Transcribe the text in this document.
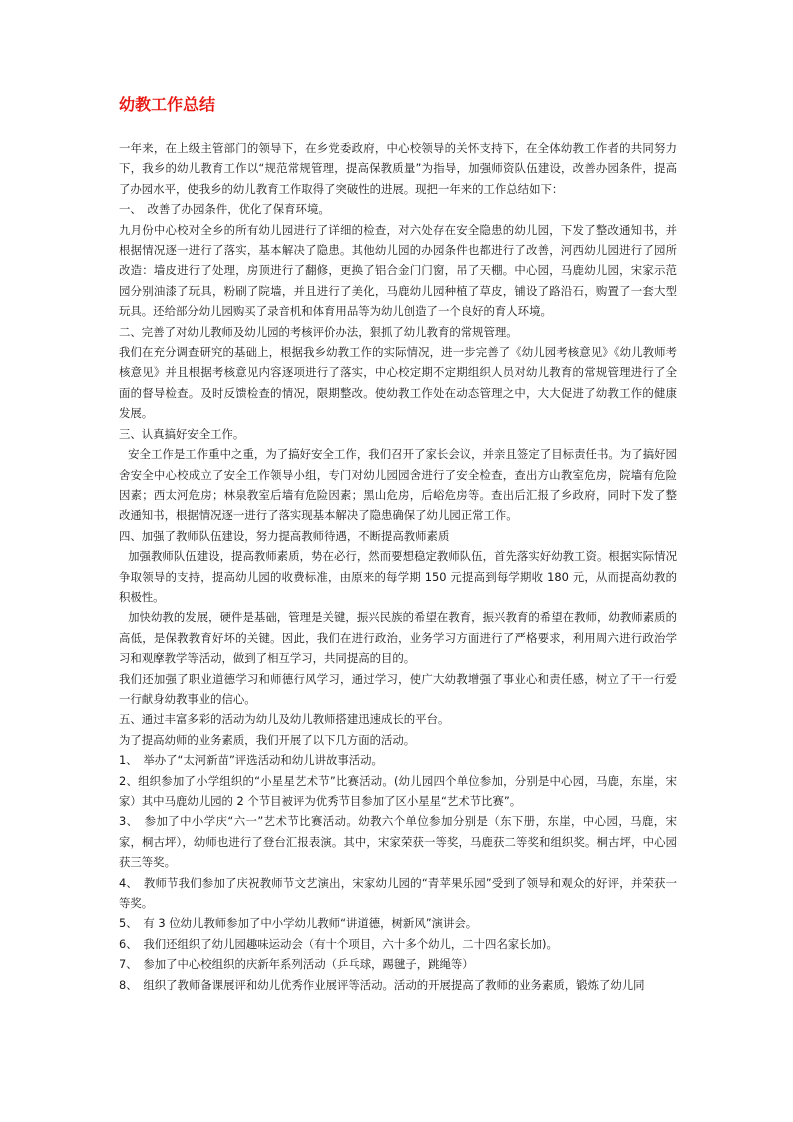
幼教工作总结

一年来，在上级主管部门的领导下，在乡党委政府，中心校领导的关怀支持下，在全体幼教工作者的共同努力下，我乡的幼儿教育工作以“规范常规管理，提高保教质量”为指导，加强师资队伍建设，改善办园条件，提高了办园水平，使我乡的幼儿教育工作取得了突破性的进展。现把一年来的工作总结如下：

一、　改善了办园条件，优化了保育环境。

九月份中心校对全乡的所有幼儿园进行了详细的检查，对六处存在安全隐患的幼儿园，下发了整改通知书，并根据情况逐一进行了落实，基本解决了隐患。其他幼儿园的办园条件也都进行了改善，河西幼儿园进行了园所改造：墙皮进行了处理，房顶进行了翻修，更换了铝合金门门窗，吊了天棚。中心园，马鹿幼儿园，宋家示范园分别油漆了玩具，粉刷了院墙，并且进行了美化，马鹿幼儿园种植了草皮，铺设了路沿石，购置了一套大型玩具。还给部分幼儿园购买了录音机和体育用品等为幼儿创造了一个良好的育人环境。

二、完善了对幼儿教师及幼儿园的考核评价办法，狠抓了幼儿教育的常规管理。

我们在充分调查研究的基础上，根据我乡幼教工作的实际情况，进一步完善了《幼儿园考核意见》《幼儿教师考核意见》并且根据考核意见内容逐项进行了落实，中心校定期不定期组织人员对幼儿教育的常规管理进行了全面的督导检查。及时反馈检查的情况，限期整改。使幼教工作处在动态管理之中，大大促进了幼教工作的健康发展。

三、认真搞好安全工作。

安全工作是工作重中之重，为了搞好安全工作，我们召开了家长会议，并亲且签定了目标责任书。为了搞好园舍安全中心校成立了安全工作领导小组，专门对幼儿园园舍进行了安全检查，查出方山教室危房，院墙有危险因素；西太河危房；林泉教室后墙有危险因素；黑山危房，后峪危房等。查出后汇报了乡政府，同时下发了整改通知书，根据情况逐一进行了落实现基本解决了隐患确保了幼儿园正常工作。

四、加强了教师队伍建设，努力提高教师待遇，不断提高教师素质

加强教师队伍建设，提高教师素质，势在必行，然而要想稳定教师队伍，首先落实好幼教工资。根据实际情况争取领导的支持，提高幼儿园的收费标准，由原来的每学期 150 元提高到每学期收 180 元，从而提高幼教的积极性。

加快幼教的发展，硬件是基础，管理是关键，振兴民族的希望在教育，振兴教育的希望在教师，幼教师素质的高低，是保教教育好坏的关键。因此，我们在进行政治，业务学习方面进行了严格要求，利用周六进行政治学习和观摩教学等活动，做到了相互学习，共同提高的目的。

我们还加强了职业道德学习和师德行风学习，通过学习，使广大幼教增强了事业心和责任感，树立了干一行爱一行献身幼教事业的信心。

五、通过丰富多彩的活动为幼儿及幼儿教师搭建迅速成长的平台。

为了提高幼师的业务素质，我们开展了以下几方面的活动。

1、　举办了“太河新苗”评选活动和幼儿讲故事活动。

2、组织参加了小学组织的“小星星艺术节”比赛活动。(幼儿园四个单位参加，分别是中心园，马鹿，东崖，宋家）其中马鹿幼儿园的 2 个节目被评为优秀节目参加了区小星星“艺术节比赛”。

3、　参加了中小学庆“六一”艺术节比赛活动。幼教六个单位参加分别是（东下册，东崖，中心园，马鹿，宋家，桐古坪），幼师也进行了登台汇报表演。其中，宋家荣获一等奖，马鹿获二等奖和组织奖。桐古坪，中心园获三等奖。

4、　教师节我们参加了庆祝教师节文艺演出，宋家幼儿园的“青苹果乐园”受到了领导和观众的好评，并荣获一等奖。

5、　有 3 位幼儿教师参加了中小学幼儿教师“讲道德，树新风”演讲会。

6、　我们还组织了幼儿园趣味运动会（有十个项目，六十多个幼儿，二十四名家长加)。

7、　参加了中心校组织的庆新年系列活动（乒乓球，踢毽子，跳绳等）

8、　组织了教师备课展评和幼儿优秀作业展评等活动。活动的开展提高了教师的业务素质，锻炼了幼儿同
